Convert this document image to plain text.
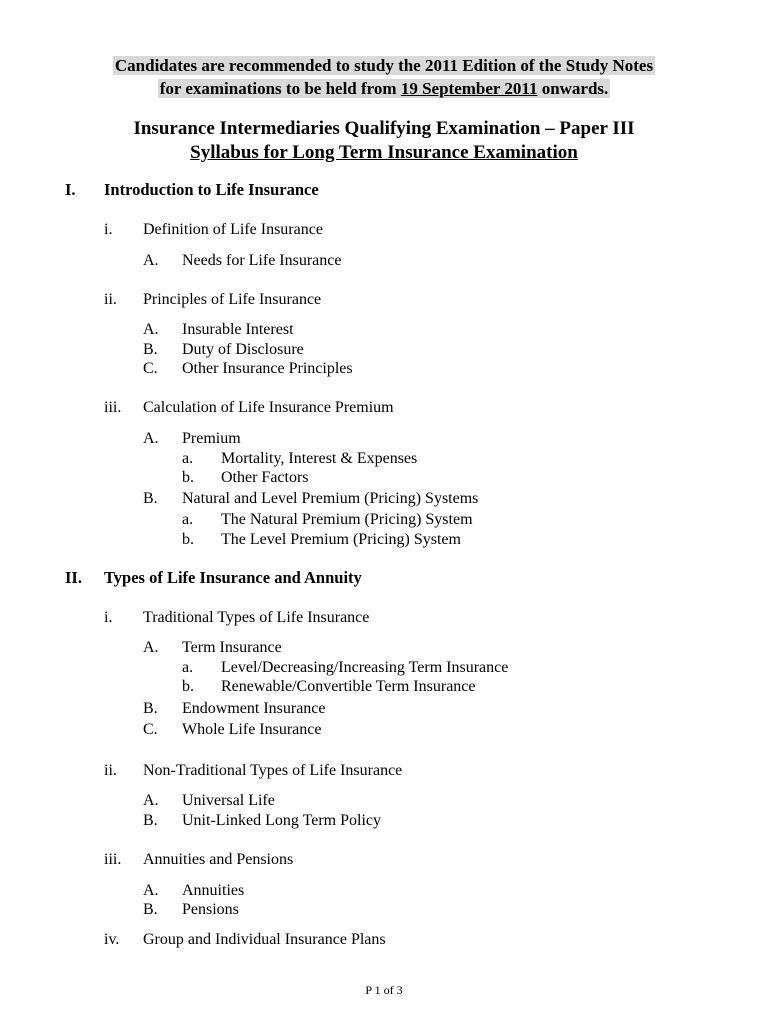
Candidates are recommended to study the 2011 Edition of the Study Notes
for examinations to be held from 19 September 2011 onwards.
Insurance Intermediaries Qualifying Examination – Paper III
Syllabus for Long Term Insurance Examination
I. Introduction to Life Insurance
i. Definition of Life Insurance
A. Needs for Life Insurance
ii. Principles of Life Insurance
A. Insurable Interest
B. Duty of Disclosure
C. Other Insurance Principles
iii. Calculation of Life Insurance Premium
A. Premium
a. Mortality, Interest & Expenses
b. Other Factors
B. Natural and Level Premium (Pricing) Systems
a. The Natural Premium (Pricing) System
b. The Level Premium (Pricing) System
II. Types of Life Insurance and Annuity
i. Traditional Types of Life Insurance
A. Term Insurance
a. Level/Decreasing/Increasing Term Insurance
b. Renewable/Convertible Term Insurance
B. Endowment Insurance
C. Whole Life Insurance
ii. Non-Traditional Types of Life Insurance
A. Universal Life
B. Unit-Linked Long Term Policy
iii. Annuities and Pensions
A. Annuities
B. Pensions
iv. Group and Individual Insurance Plans
P 1 of 3
